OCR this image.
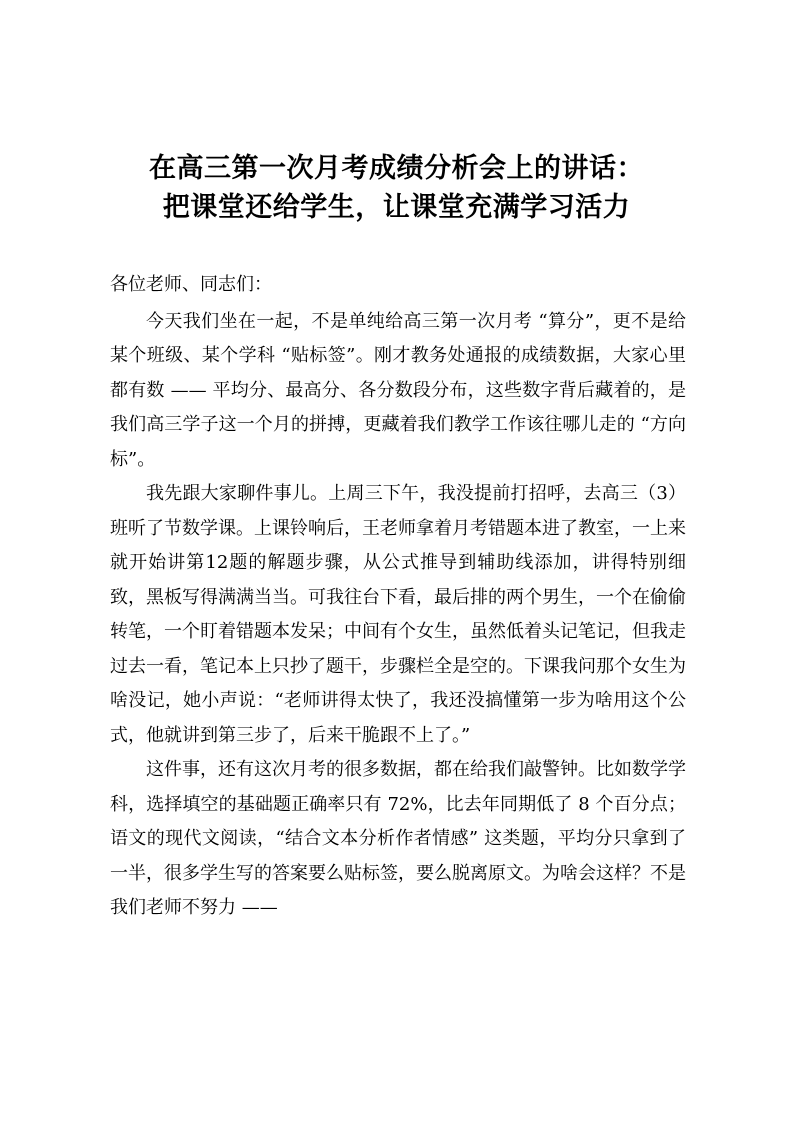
在高三第一次月考成绩分析会上的讲话：
把课堂还给学生，让课堂充满学习活力

各位老师、同志们：

今天我们坐在一起，不是单纯给高三第一次月考 “算分”，更不是给某个班级、某个学科 “贴标签”。刚才教务处通报的成绩数据，大家心里都有数 —— 平均分、最高分、各分数段分布，这些数字背后藏着的，是我们高三学子这一个月的拼搏，更藏着我们教学工作该往哪儿走的 “方向标”。

我先跟大家聊件事儿。上周三下午，我没提前打招呼，去高三（3）班听了节数学课。上课铃响后，王老师拿着月考错题本进了教室，一上来就开始讲第12题的解题步骤，从公式推导到辅助线添加，讲得特别细致，黑板写得满满当当。可我往台下看，最后排的两个男生，一个在偷偷转笔，一个盯着错题本发呆；中间有个女生，虽然低着头记笔记，但我走过去一看，笔记本上只抄了题干，步骤栏全是空的。下课我问那个女生为啥没记，她小声说：“老师讲得太快了，我还没搞懂第一步为啥用这个公式，他就讲到第三步了，后来干脆跟不上了。”

这件事，还有这次月考的很多数据，都在给我们敲警钟。比如数学学科，选择填空的基础题正确率只有 72%，比去年同期低了 8 个百分点；语文的现代文阅读，“结合文本分析作者情感” 这类题，平均分只拿到了一半，很多学生写的答案要么贴标签，要么脱离原文。为啥会这样？不是我们老师不努力 ——
